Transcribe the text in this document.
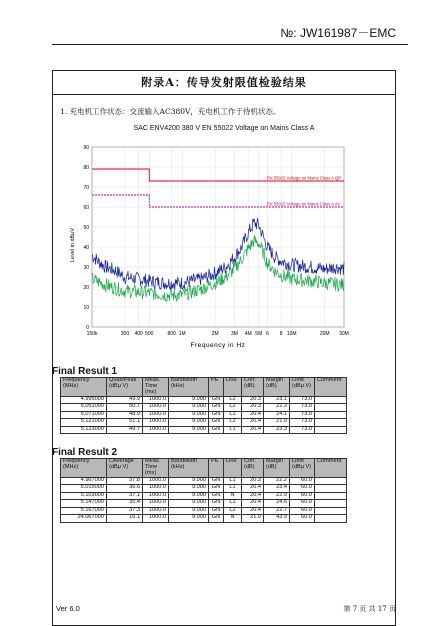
№: JW161987－EMC
附录A：传导发射限值检验结果
1. 充电机工作状态：交流输入AC380V，充电机工作于待机状态。
SAC ENV4200 380 V EN 55022 Voltage on Mains Class A
0
10
20
30
40
50
60
70
80
90
150k	300 400 500	800 1M	2M 3M 4M 5M 6 8 10M	20M 30M
EN 55022 Voltage on Mains Class A QP
EN 55022 Voltage on Mains Class A AV
Level in dBµV
Frequency in Hz
Final Result 1
Frequency (MHz)	QuasiPeak (dBµ V)	Meas. Time (ms)	Bandwidth (kHz)	PE	Line	Corr. (dB)	Margin (dB)	Limit (dBµ V)	Comment
4.995000	49.9	1000.0	9.000	GN	L2	20.3	23.1	73.0	
5.051000	50.7	1000.0	9.000	GN	L2	20.3	22.3	73.0	
5.071000	48.9	1000.0	9.000	GN	L1	20.4	24.1	73.0	
5.121000	51.1	1000.0	9.000	GN	L2	20.4	21.9	73.0	
5.123000	49.7	1000.0	9.000	GN	L1	20.4	23.3	73.0	
Final Result 2
Frequency (MHz)	CAverage (dBµ V)	Meas. Time (ms)	Bandwidth (kHz)	PE	Line	Corr. (dB)	Margin (dB)	Limit (dBµ V)	Comment
4.967000	37.8	1000.0	9.000	GN	L1	20.3	22.2	60.0	
5.015000	36.6	1000.0	9.000	GN	L1	20.4	23.4	60.0	
5.103000	37.1	1000.0	9.000	GN	N	20.4	22.9	60.0	
5.147000	35.4	1000.0	9.000	GN	L1	20.4	24.6	60.0	
5.167000	37.3	1000.0	9.000	GN	L2	20.4	22.7	60.0	
24.067000	16.1	1000.0	9.000	GN	N	21.0	43.9	60.0	
Ver 6.0	第 7 页 共 17 页
